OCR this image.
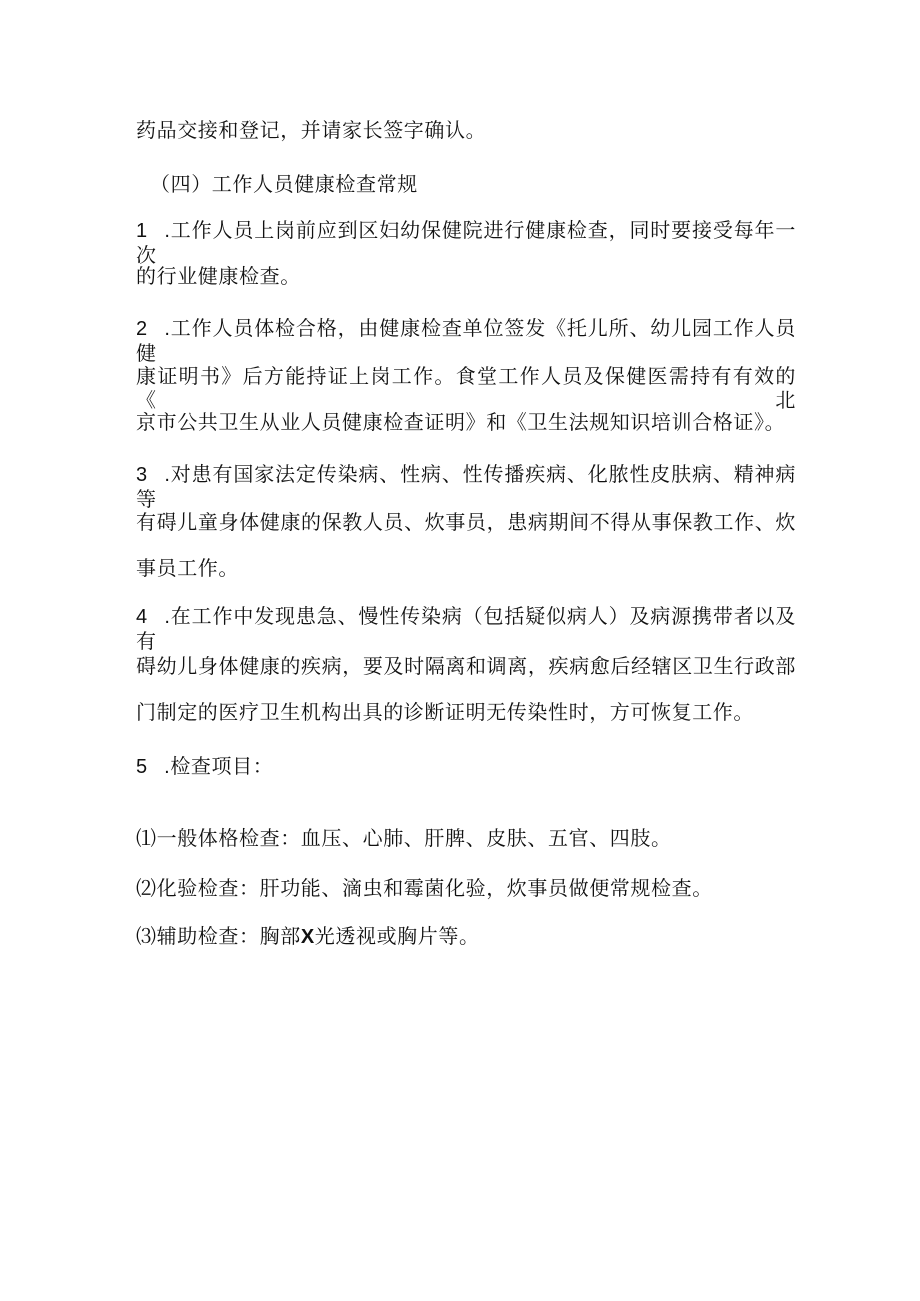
药品交接和登记，并请家长签字确认。
（四）工作人员健康检查常规
1 .工作人员上岗前应到区妇幼保健院进行健康检查，同时要接受每年一次
的行业健康检查。
2 .工作人员体检合格，由健康检查单位签发《托儿所、幼儿园工作人员健
康证明书》后方能持证上岗工作。食堂工作人员及保健医需持有有效的《北
京市公共卫生从业人员健康检查证明》和《卫生法规知识培训合格证》。
3 .对患有国家法定传染病、性病、性传播疾病、化脓性皮肤病、精神病等
有碍儿童身体健康的保教人员、炊事员，患病期间不得从事保教工作、炊
事员工作。
4 .在工作中发现患急、慢性传染病（包括疑似病人）及病源携带者以及有
碍幼儿身体健康的疾病，要及时隔离和调离，疾病愈后经辖区卫生行政部
门制定的医疗卫生机构出具的诊断证明无传染性时，方可恢复工作。
5 .检查项目：
⑴一般体格检查：血压、心肺、肝脾、皮肤、五官、四肢。
⑵化验检查：肝功能、滴虫和霉菌化验，炊事员做便常规检查。
⑶辅助检查：胸部X光透视或胸片等。
